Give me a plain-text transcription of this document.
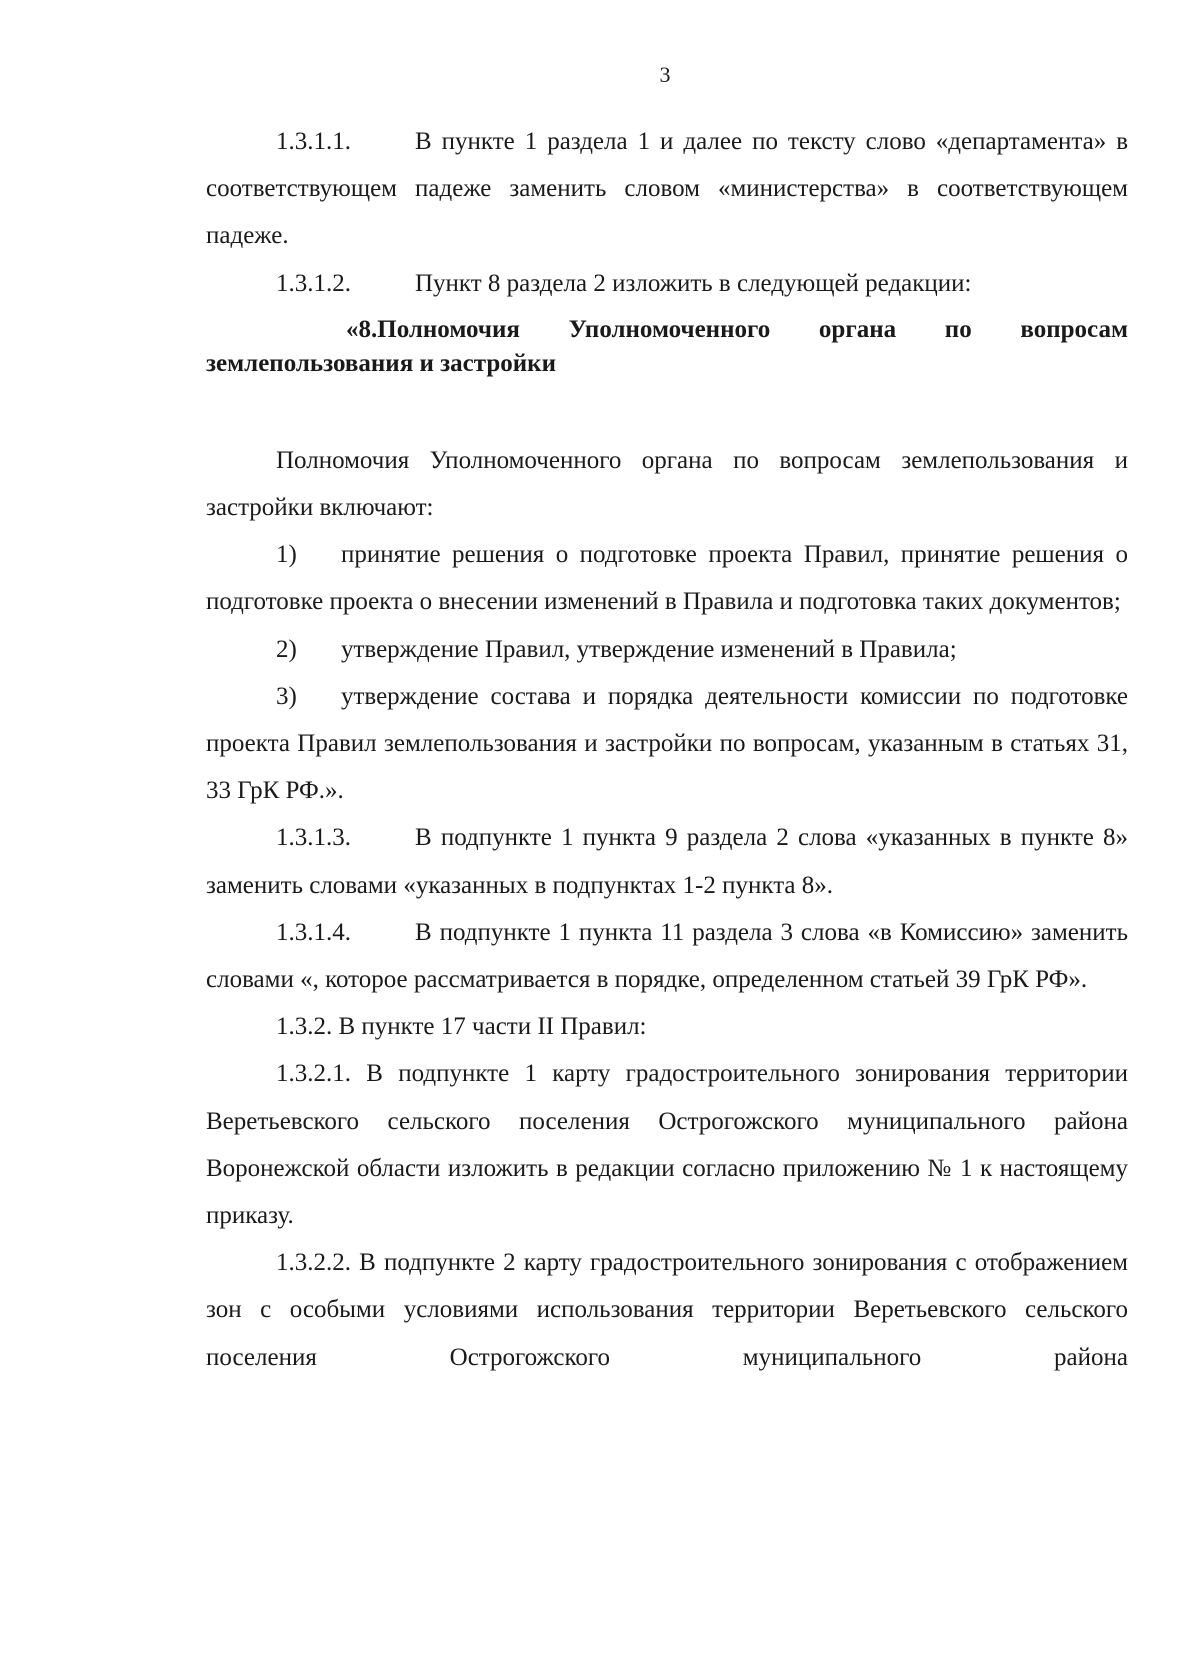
3

1.3.1.1.	В пункте 1 раздела 1 и далее по тексту слово «департамента» в соответствующем падеже заменить словом «министерства» в соответствующем падеже.

1.3.1.2.	Пункт 8 раздела 2 изложить в следующей редакции:

«8.Полномочия Уполномоченного органа по вопросам землепользования и застройки

Полномочия Уполномоченного органа по вопросам землепользования и застройки включают:

1) принятие решения о подготовке проекта Правил, принятие решения о подготовке проекта о внесении изменений в Правила и подготовка таких документов;

2) утверждение Правил, утверждение изменений в Правила;

3) утверждение состава и порядка деятельности комиссии по подготовке проекта Правил землепользования и застройки по вопросам, указанным в статьях 31, 33 ГрК РФ.».

1.3.1.3.	В подпункте 1 пункта 9 раздела 2 слова «указанных в пункте 8» заменить словами «указанных в подпунктах 1-2 пункта 8».

1.3.1.4.	В подпункте 1 пункта 11 раздела 3 слова «в Комиссию» заменить словами «, которое рассматривается в порядке, определенном статьей 39 ГрК РФ».

1.3.2. В пункте 17 части II Правил:

1.3.2.1. В подпункте 1 карту градостроительного зонирования территории Веретьевского сельского поселения Острогожского муниципального района Воронежской области изложить в редакции согласно приложению № 1 к настоящему приказу.

1.3.2.2. В подпункте 2 карту градостроительного зонирования с отображением зон с особыми условиями использования территории Веретьевского сельского поселения Острогожского муниципального района
